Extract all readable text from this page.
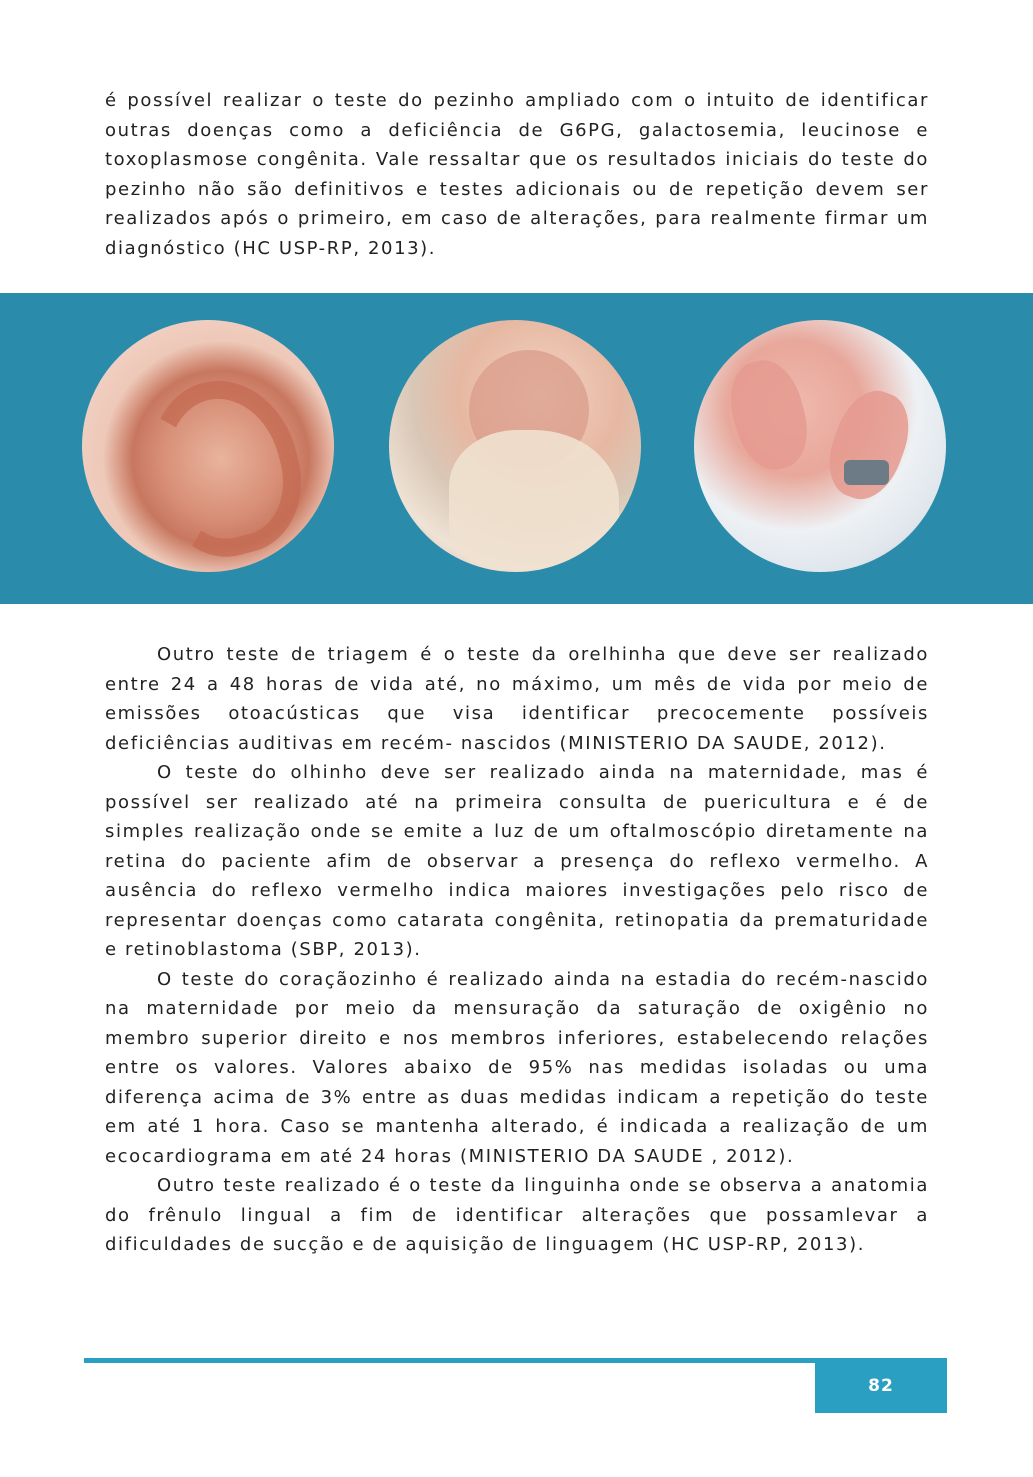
é possível realizar o teste do pezinho ampliado com o intuito de identificar outras doenças como a deficiência de G6PG, galactosemia, leucinose e toxoplasmose congênita. Vale ressaltar que os resultados iniciais do teste do pezinho não são definitivos e testes adicionais ou de repetição devem ser realizados após o primeiro, em caso de alterações, para realmente firmar um diagnóstico (HC USP-RP, 2013).

Outro teste de triagem é o teste da orelhinha que deve ser realizado entre 24 a 48 horas de vida até, no máximo, um mês de vida por meio de emissões otoacústicas que visa identificar precocemente possíveis deficiências auditivas em recém- nascidos (MINISTERIO DA SAUDE, 2012).

O teste do olhinho deve ser realizado ainda na maternidade, mas é possível ser realizado até na primeira consulta de puericultura e é de simples realização onde se emite a luz de um oftalmoscópio diretamente na retina do paciente afim de observar a presença do reflexo vermelho. A ausência do reflexo vermelho indica maiores investigações pelo risco de representar doenças como catarata congênita, retinopatia da prematuridade e retinoblastoma (SBP, 2013).

O teste do coraçãozinho é realizado ainda na estadia do recém-nascido na maternidade por meio da mensuração da saturação de oxigênio no membro superior direito e nos membros inferiores, estabelecendo relações entre os valores. Valores abaixo de 95% nas medidas isoladas ou uma diferença acima de 3% entre as duas medidas indicam a repetição do teste em até 1 hora. Caso se mantenha alterado, é indicada a realização de um ecocardiograma em até 24 horas (MINISTERIO DA SAUDE , 2012).

Outro teste realizado é o teste da linguinha onde se observa a anatomia do frênulo lingual a fim de identificar alterações que possamlevar a dificuldades de sucção e de aquisição de linguagem (HC USP-RP, 2013).

82
